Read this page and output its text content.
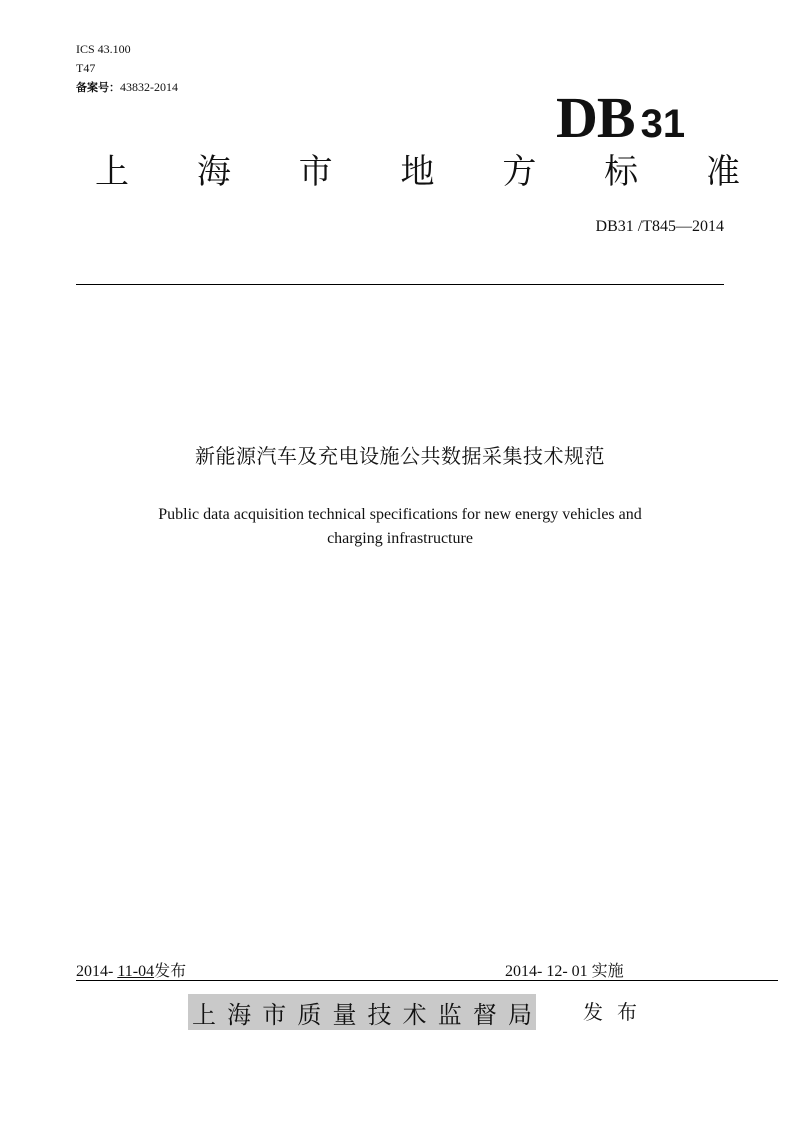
ICS 43.100
T47
备案号：43832-2014	DB 31
上 海 市 地 方 标 准
DB31 /T845—2014
新能源汽车及充电设施公共数据采集技术规范
Public data acquisition technical specifications for new energy vehicles and
charging infrastructure
2014- 11-04发布	2014- 12- 01 实施
上 海 市 质 量 技 术 监 督 局	发布
